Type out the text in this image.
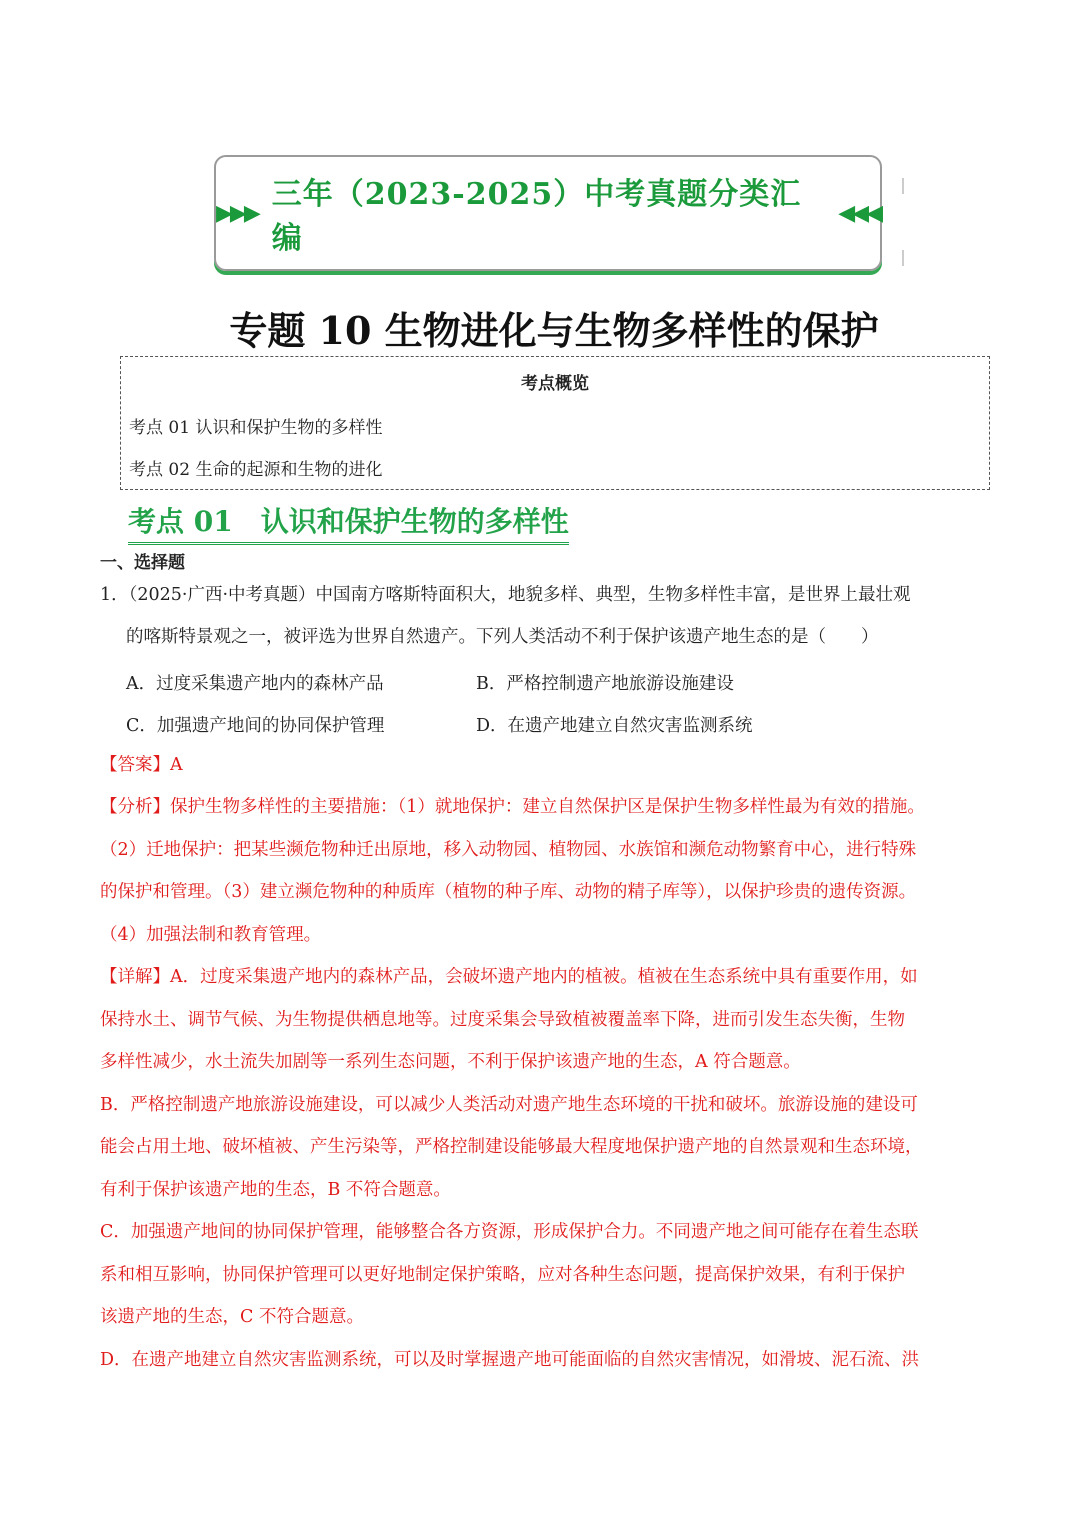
▶▶▶
三年（2023-2025）中考真题分类汇编
◀◀◀
专题 10 生物进化与生物多样性的保护
考点概览
考点 01 认识和保护生物的多样性
考点 02 生命的起源和生物的进化
考点 01 认识和保护生物的多样性
一、选择题
1．（2025·广西·中考真题）中国南方喀斯特面积大，地貌多样、典型，生物多样性丰富，是世界上最壮观
的喀斯特景观之一，被评选为世界自然遗产。下列人类活动不利于保护该遗产地生态的是（　　）
A．过度采集遗产地内的森林产品	B．严格控制遗产地旅游设施建设
C．加强遗产地间的协同保护管理	D．在遗产地建立自然灾害监测系统
【答案】A
【分析】保护生物多样性的主要措施：（1）就地保护：建立自然保护区是保护生物多样性最为有效的措施。
（2）迁地保护：把某些濒危物种迁出原地，移入动物园、植物园、水族馆和濒危动物繁育中心，进行特殊
的保护和管理。（3）建立濒危物种的种质库（植物的种子库、动物的精子库等），以保护珍贵的遗传资源。
（4）加强法制和教育管理。
【详解】A．过度采集遗产地内的森林产品，会破坏遗产地内的植被。植被在生态系统中具有重要作用，如
保持水土、调节气候、为生物提供栖息地等。过度采集会导致植被覆盖率下降，进而引发生态失衡，生物
多样性减少，水土流失加剧等一系列生态问题，不利于保护该遗产地的生态，A 符合题意。
B．严格控制遗产地旅游设施建设，可以减少人类活动对遗产地生态环境的干扰和破坏。旅游设施的建设可
能会占用土地、破坏植被、产生污染等，严格控制建设能够最大程度地保护遗产地的自然景观和生态环境，
有利于保护该遗产地的生态，B 不符合题意。
C．加强遗产地间的协同保护管理，能够整合各方资源，形成保护合力。不同遗产地之间可能存在着生态联
系和相互影响，协同保护管理可以更好地制定保护策略，应对各种生态问题，提高保护效果，有利于保护
该遗产地的生态，C 不符合题意。
D．在遗产地建立自然灾害监测系统，可以及时掌握遗产地可能面临的自然灾害情况，如滑坡、泥石流、洪
